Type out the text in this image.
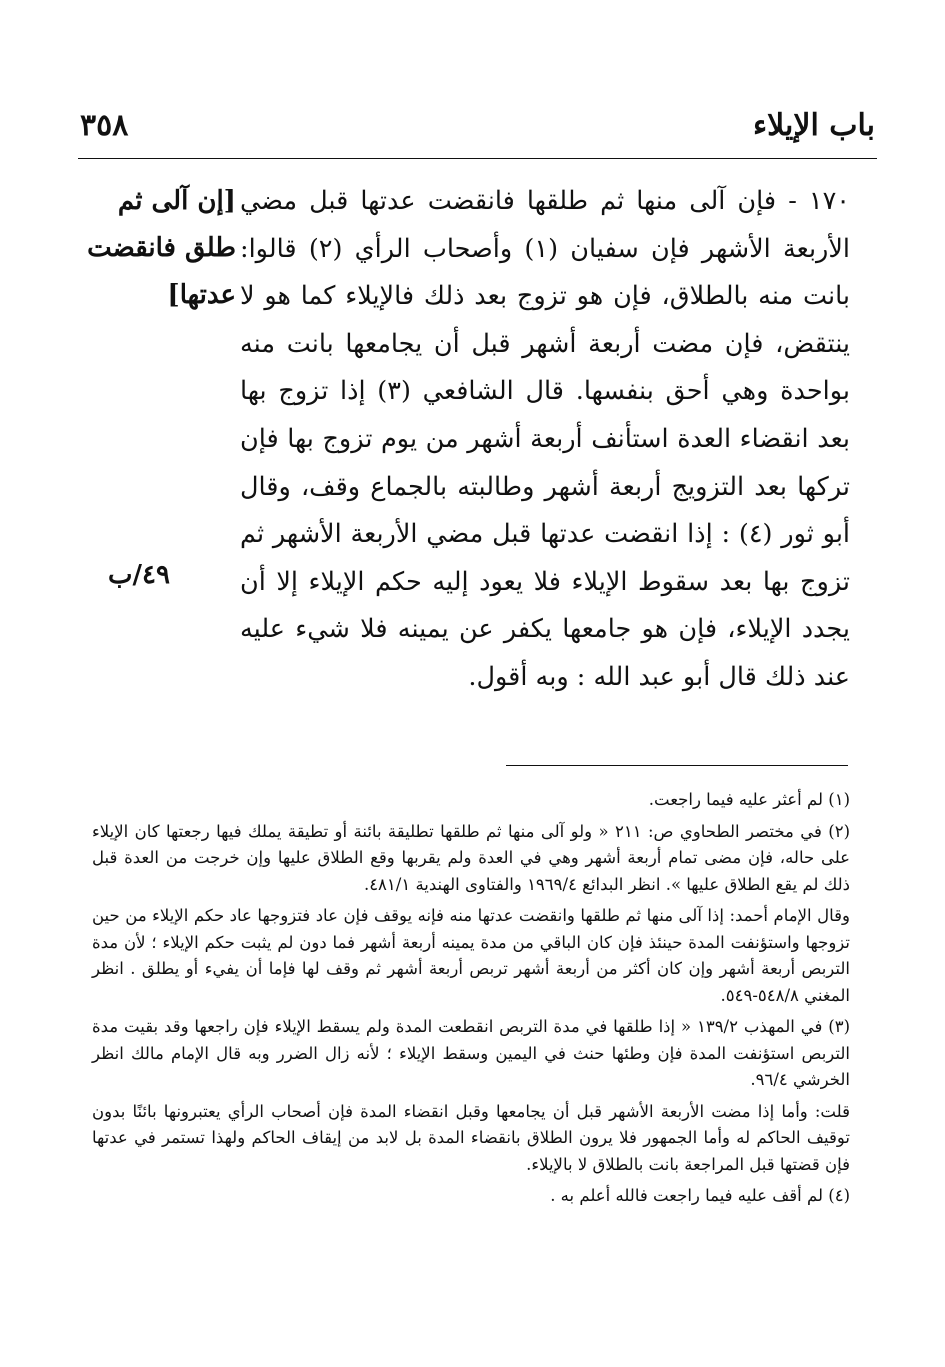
باب الإيلاء
٣٥٨

١٧٠ - فإن آلى منها ثم طلقها فانقضت عدتها قبل مضي الأربعة الأشهر فإن سفيان (١) وأصحاب الرأي (٢) قالوا: بانت منه بالطلاق، فإن هو تزوج بعد ذلك فالإيلاء كما هو لا ينتقض، فإن مضت أربعة أشهر قبل أن يجامعها بانت منه بواحدة وهي أحق بنفسها. قال الشافعي (٣) إذا تزوج بها بعد انقضاء العدة استأنف أربعة أشهر من يوم تزوج بها فإن تركها بعد التزويج أربعة أشهر وطالبته بالجماع وقف، وقال أبو ثور (٤) : إذا انقضت عدتها قبل مضي الأربعة الأشهر ثم تزوج بها بعد سقوط الإيلاء فلا يعود إليه حكم الإيلاء إلا أن يجدد الإيلاء، فإن هو جامعها يكفر عن يمينه فلا شيء عليه عند ذلك قال أبو عبد الله : وبه أقول.

[إن آلى ثم طلق فانقضت عدتها]
٤٩/ب

(١) لم أعثر عليه فيما راجعت.

(٢) في مختصر الطحاوي ص: ٢١١ « ولو آلى منها ثم طلقها تطليقة بائنة أو تطيقة يملك فيها رجعتها كان الإيلاء على حاله، فإن مضى تمام أربعة أشهر وهي في العدة ولم يقربها وقع الطلاق عليها وإن خرجت من العدة قبل ذلك لم يقع الطلاق عليها ». انظر البدائع ١٩٦٩/٤ والفتاوى الهندية ٤٨١/١.

وقال الإمام أحمد: إذا آلى منها ثم طلقها وانقضت عدتها منه فإنه يوقف فإن عاد فتزوجها عاد حكم الإيلاء من حين تزوجها واستؤنفت المدة حينئذ فإن كان الباقي من مدة يمينه أربعة أشهر فما دون لم يثبت حكم الإيلاء ؛ لأن مدة التربص أربعة أشهر وإن كان أكثر من أربعة أشهر تربص أربعة أشهر ثم وقف لها فإما أن يفيء أو يطلق . انظر المغني ٥٤٨/٨-٥٤٩.

(٣) في المهذب ١٣٩/٢ « إذا طلقها في مدة التربص انقطعت المدة ولم يسقط الإيلاء فإن راجعها وقد بقيت مدة التربص استؤنفت المدة فإن وطئها حنث في اليمين وسقط الإيلاء ؛ لأنه زال الضرر وبه قال الإمام مالك انظر الخرشي ٩٦/٤.

قلت: وأما إذا مضت الأربعة الأشهر قبل أن يجامعها وقبل انقضاء المدة فإن أصحاب الرأي يعتبرونها بائنًا بدون توقيف الحاكم له وأما الجمهور فلا يرون الطلاق بانقضاء المدة بل لابد من إيقاف الحاكم ولهذا تستمر في عدتها فإن قضتها قبل المراجعة بانت بالطلاق لا بالإيلاء.

(٤) لم أقف عليه فيما راجعت فالله أعلم به .
